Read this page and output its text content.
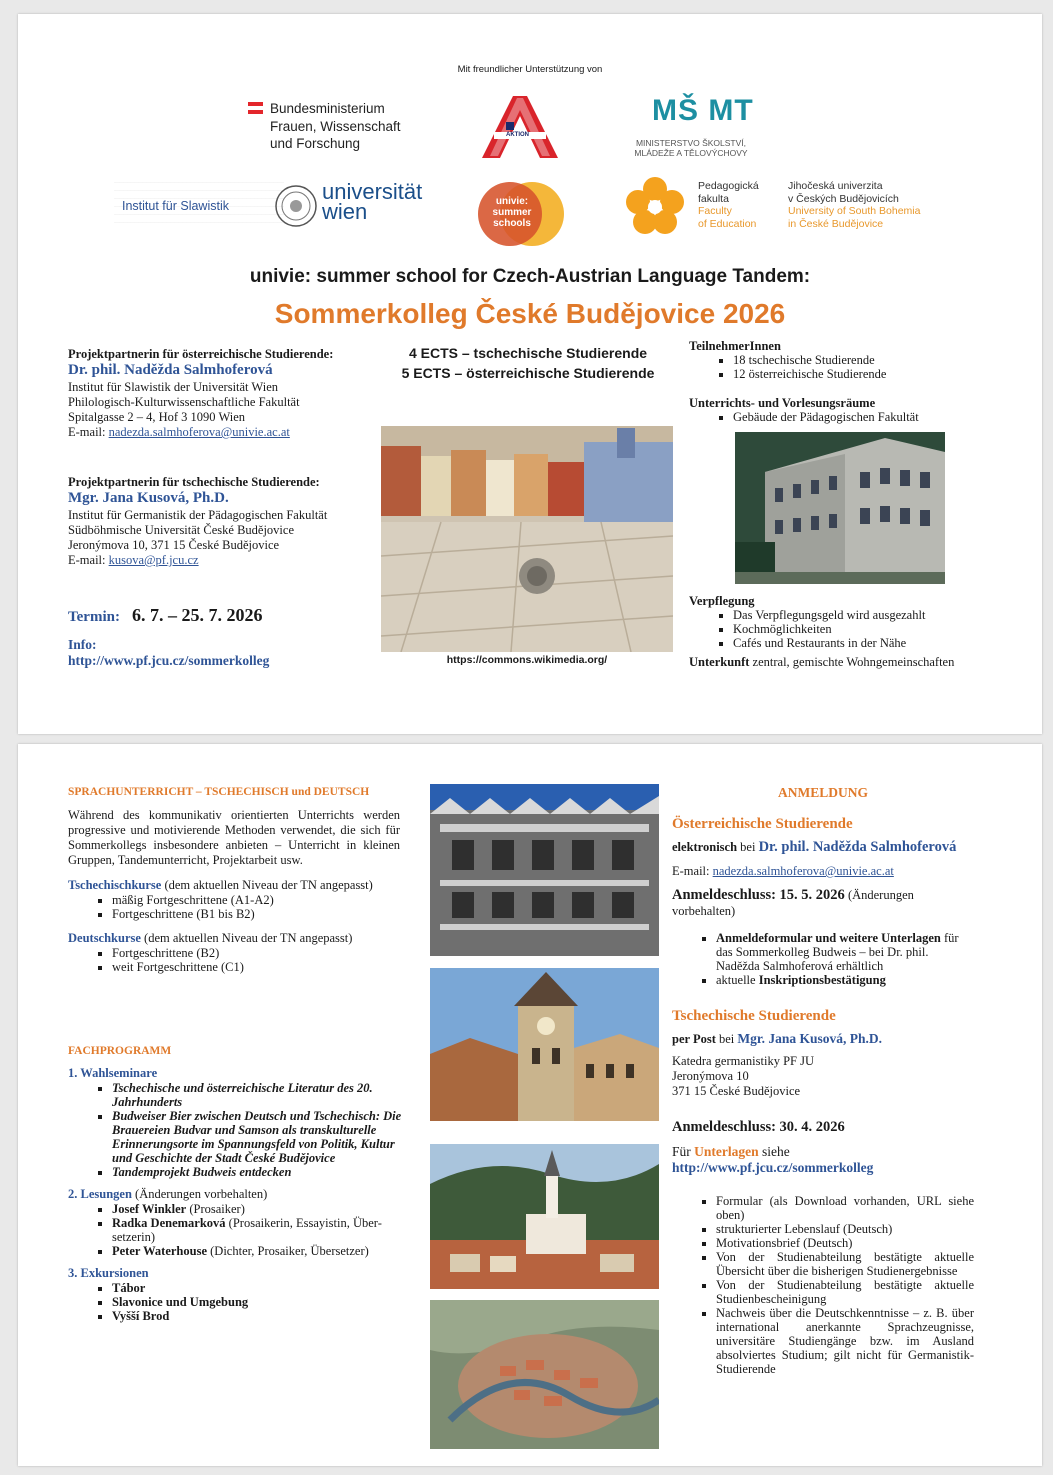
Mit freundlicher Unterstützung von
Bundesministerium
Frauen, Wissenschaft
und Forschung
AKTION
MŠ MT
MINISTERSTVO ŠKOLSTVÍ,
MLÁDEŽE A TĚLOVÝCHOVY
Institut für Slawistik
universität
wien	univie:
summer
schools
Pedagogická
fakulta
Faculty
of Education
Jihočeská univerzita
v Českých Budějovicích
University of South Bohemia
in České Budějovice
univie: summer school for Czech-Austrian Language Tandem:
Sommerkolleg České Budějovice 2026
4 ECTS – tschechische Studierende
5 ECTS – österreichische Studierende
Projektpartnerin für österreichische Studierende:
Dr. phil. Naděžda Salmhoferová
Institut für Slawistik der Universität Wien
Philologisch-Kulturwissenschaftliche Fakultät
Spitalgasse 2 – 4, Hof 3 1090 Wien
E-mail: nadezda.salmhoferova@univie.ac.at
Projektpartnerin für tschechische Studierende:
Mgr. Jana Kusová, Ph.D.
Institut für Germanistik der Pädagogischen Fakultät
Südböhmische Universität České Budějovice
Jeronýmova 10, 371 15 České Budějovice
E-mail: kusova@pf.jcu.cz
Termin: 6. 7. – 25. 7. 2026
Info:
http://www.pf.jcu.cz/sommerkolleg	https://commons.wikimedia.org/
TeilnehmerInnen
▪ 18 tschechische Studierende
▪ 12 österreichische Studierende
Unterrichts- und Vorlesungsräume
▪ Gebäude der Pädagogischen Fakultät
Verpflegung
▪ Das Verpflegungsgeld wird ausgezahlt
▪ Kochmöglichkeiten
▪ Cafés und Restaurants in der Nähe
Unterkunft zentral, gemischte Wohngemeinschaften
SPRACHUNTERRICHT – TSCHECHISCH und DEUTSCH
Während des kommunikativ orientierten Unterrichts werden progressive und motivierende Methoden verwendet, die sich für Sommerkollegs insbesondere anbieten – Unterricht in kleinen Gruppen, Tandemunterricht, Projektarbeit usw.
Tschechischkurse (dem aktuellen Niveau der TN angepasst)
▪ mäßig Fortgeschrittene (A1-A2)
▪ Fortgeschrittene (B1 bis B2)
Deutschkurse (dem aktuellen Niveau der TN angepasst)
▪ Fortgeschrittene (B2)
▪ weit Fortgeschrittene (C1)
FACHPROGRAMM
1. Wahlseminare
▪ Tschechische und österreichische Literatur des 20. Jahrhunderts
▪ Budweiser Bier zwischen Deutsch und Tschechisch: Die Brauereien Budvar und Samson als transkulturelle Erinnerungsorte im Spannungsfeld von Politik, Kultur und Geschichte der Stadt České Budějovice
▪ Tandemprojekt Budweis entdecken
2. Lesungen (Änderungen vorbehalten)
▪ Josef Winkler (Prosaiker)
▪ Radka Denemarková (Prosaikerin, Essayistin, Über-setzerin)
▪ Peter Waterhouse (Dichter, Prosaiker, Übersetzer)
3. Exkursionen
▪ Tábor
▪ Slavonice und Umgebung
▪ Vyšší Brod
ANMELDUNG
Österreichische Studierende
elektronisch bei Dr. phil. Naděžda Salmhoferová
E-mail: nadezda.salmhoferova@univie.ac.at
Anmeldeschluss: 15. 5. 2026 (Änderungen vorbehalten)
▪ Anmeldeformular und weitere Unterlagen für das Sommerkolleg Budweis – bei Dr. phil. Naděžda Salmhoferová erhältlich
▪ aktuelle Inskriptionsbestätigung
Tschechische Studierende
per Post bei Mgr. Jana Kusová, Ph.D.
Katedra germanistiky PF JU
Jeronýmova 10
371 15 České Budějovice
Anmeldeschluss: 30. 4. 2026
Für Unterlagen siehe
http://www.pf.jcu.cz/sommerkolleg
▪ Formular (als Download vorhanden, URL siehe oben)
▪ strukturierter Lebenslauf (Deutsch)
▪ Motivationsbrief (Deutsch)
▪ Von der Studienabteilung bestätigte aktuelle Übersicht über die bisherigen Studienergebnisse
▪ Von der Studienabteilung bestätigte aktuelle Studienbescheinigung
▪ Nachweis über die Deutschkenntnisse – z. B. über international anerkannte Sprachzeugnisse, universitäre Studiengänge bzw. im Ausland absolviertes Studium; gilt nicht für Germanistik-Studierende
